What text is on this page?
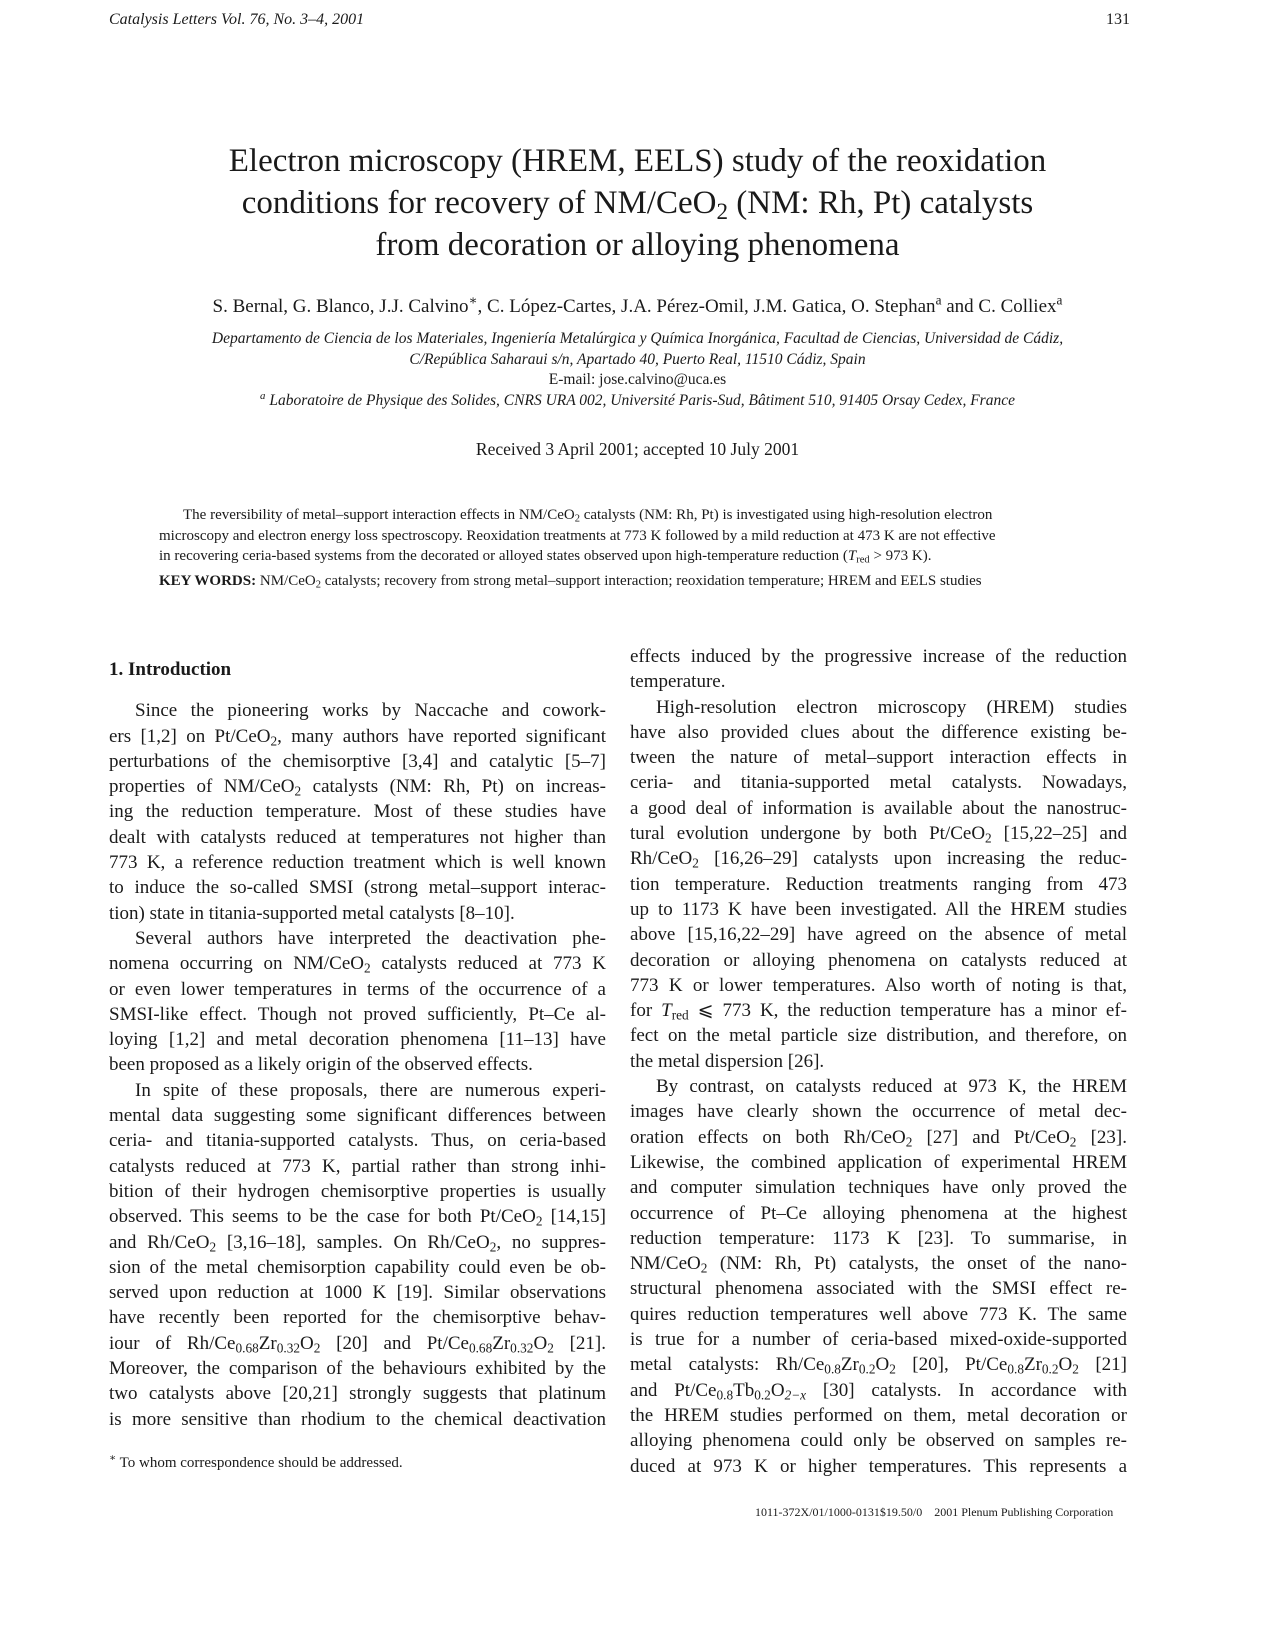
Catalysis Letters Vol. 76, No. 3–4, 2001	131
Electron microscopy (HREM, EELS) study of the reoxidation
conditions for recovery of NM/CeO$_2$ (NM: Rh, Pt) catalysts
from decoration or alloying phenomena
S. Bernal, G. Blanco, J.J. Calvino∗, C. López-Cartes, J.A. Pérez-Omil, J.M. Gatica, O. Stephan$^a$ and C. Colliex$^a$
Departamento de Ciencia de los Materiales, Ingeniería Metalúrgica y Química Inorgánica, Facultad de Ciencias, Universidad de Cádiz,
C/República Saharaui s/n, Apartado 40, Puerto Real, 11510 Cádiz, Spain
E-mail: jose.calvino@uca.es
$^a$ Laboratoire de Physique des Solides, CNRS URA 002, Université Paris-Sud, Bâtiment 510, 91405 Orsay Cedex, France
Received 3 April 2001; accepted 10 July 2001
The reversibility of metal–support interaction effects in NM/CeO$_2$ catalysts (NM: Rh, Pt) is investigated using high-resolution electron
microscopy and electron energy loss spectroscopy. Reoxidation treatments at 773 K followed by a mild reduction at 473 K are not effective
in recovering ceria-based systems from the decorated or alloyed states observed upon high-temperature reduction ($T_{red} > 973$ K).
KEY WORDS: NM/CeO$_2$ catalysts; recovery from strong metal–support interaction; reoxidation temperature; HREM and EELS studies
1. Introduction
Since the pioneering works by Naccache and cowork-
ers [1,2] on Pt/CeO$_2$, many authors have reported significant
perturbations of the chemisorptive [3,4] and catalytic [5–7]
properties of NM/CeO$_2$ catalysts (NM: Rh, Pt) on increas-
ing the reduction temperature. Most of these studies have
dealt with catalysts reduced at temperatures not higher than
773 K, a reference reduction treatment which is well known
to induce the so-called SMSI (strong metal–support interac-
tion) state in titania-supported metal catalysts [8–10].
Several authors have interpreted the deactivation phe-
nomena occurring on NM/CeO$_2$ catalysts reduced at 773 K
or even lower temperatures in terms of the occurrence of a
SMSI-like effect. Though not proved sufficiently, Pt–Ce al-
loying [1,2] and metal decoration phenomena [11–13] have
been proposed as a likely origin of the observed effects.
In spite of these proposals, there are numerous experi-
mental data suggesting some significant differences between
ceria- and titania-supported catalysts. Thus, on ceria-based
catalysts reduced at 773 K, partial rather than strong inhi-
bition of their hydrogen chemisorptive properties is usually
observed. This seems to be the case for both Pt/CeO$_2$ [14,15]
and Rh/CeO$_2$ [3,16–18], samples. On Rh/CeO$_2$, no suppres-
sion of the metal chemisorption capability could even be ob-
served upon reduction at 1000 K [19]. Similar observations
have recently been reported for the chemisorptive behav-
iour of $Rh/Ce_{0.68}Zr_{0.32}O_2$ [20] and $Pt/Ce_{0.68}Zr_{0.32}O_2$ [21].
Moreover, the comparison of the behaviours exhibited by the
two catalysts above [20,21] strongly suggests that platinum
is more sensitive than rhodium to the chemical deactivation
effects induced by the progressive increase of the reduction
temperature.
High-resolution electron microscopy (HREM) studies
have also provided clues about the difference existing be-
tween the nature of metal–support interaction effects in
ceria- and titania-supported metal catalysts. Nowadays,
a good deal of information is available about the nanostruc-
tural evolution undergone by both Pt/CeO$_2$ [15,22–25] and
Rh/CeO$_2$ [16,26–29] catalysts upon increasing the reduc-
tion temperature. Reduction treatments ranging from 473
up to 1173 K have been investigated. All the HREM studies
above [15,16,22–29] have agreed on the absence of metal
decoration or alloying phenomena on catalysts reduced at
773 K or lower temperatures. Also worth of noting is that,
for $T_{red}$ ⩽ 773 K, the reduction temperature has a minor ef-
fect on the metal particle size distribution, and therefore, on
the metal dispersion [26].
By contrast, on catalysts reduced at 973 K, the HREM
images have clearly shown the occurrence of metal dec-
oration effects on both Rh/CeO$_2$ [27] and Pt/CeO$_2$ [23].
Likewise, the combined application of experimental HREM
and computer simulation techniques have only proved the
occurrence of Pt–Ce alloying phenomena at the highest
reduction temperature: 1173 K [23]. To summarise, in
NM/CeO$_2$ (NM: Rh, Pt) catalysts, the onset of the nano-
structural phenomena associated with the SMSI effect re-
quires reduction temperatures well above 773 K. The same
is true for a number of ceria-based mixed-oxide-supported
metal catalysts: $Rh/Ce_{0.8}Zr_{0.2}O_2$ [20], $Pt/Ce_{0.8}Zr_{0.2}O_2$ [21]
and $Pt/Ce_{0.8}Tb_{0.2}O_{2-x}$ [30] catalysts. In accordance with
the HREM studies performed on them, metal decoration or
alloying phenomena could only be observed on samples re-
duced at 973 K or higher temperatures. This represents a
∗ To whom correspondence should be addressed.
1011-372X/01/1000-0131$19.50/0 2001 Plenum Publishing Corporation
